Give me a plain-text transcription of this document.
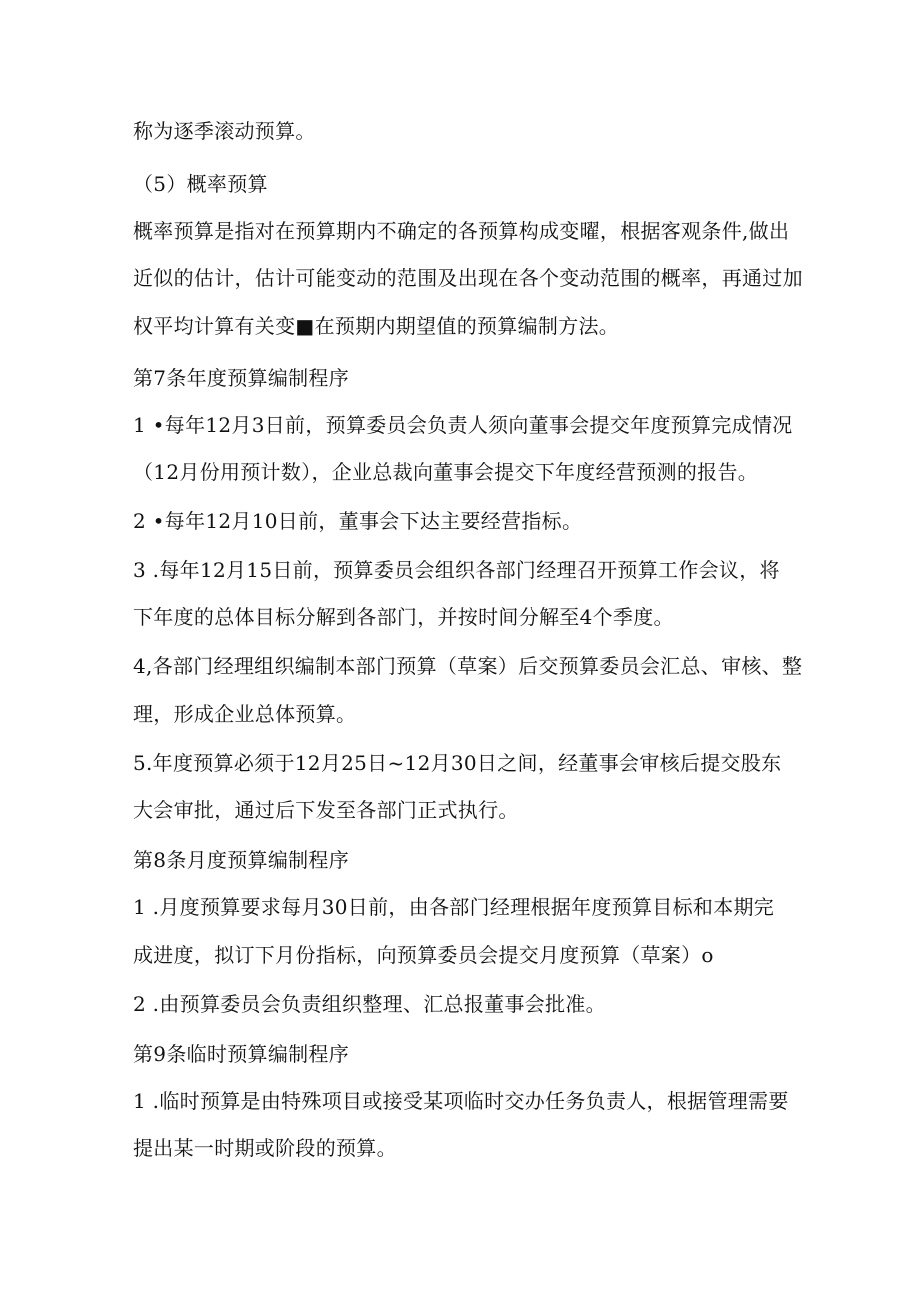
称为逐季滚动预算。

（5）概率预算

概率预算是指对在预算期内不确定的各预算构成变曜，根据客观条件,做出

近似的估计，估计可能变动的范围及出现在各个变动范围的概率，再通过加

权平均计算有关变■在预期内期望值的预算编制方法。

第7条年度预算编制程序

1 •每年12月3日前，预算委员会负责人须向董事会提交年度预算完成情况

（12月份用预计数），企业总裁向董事会提交下年度经营预测的报告。

2 •每年12月10日前，董事会下达主要经营指标。

3 .每年12月15日前，预算委员会组织各部门经理召开预算工作会议，将

下年度的总体目标分解到各部门，并按时间分解至4个季度。

4,各部门经理组织编制本部门预算（草案）后交预算委员会汇总、审核、整

理，形成企业总体预算。

5.年度预算必须于12月25日~12月30日之间，经董事会审核后提交股东

大会审批，通过后下发至各部门正式执行。

第8条月度预算编制程序

1 .月度预算要求每月30日前，由各部门经理根据年度预算目标和本期完

成进度，拟订下月份指标，向预算委员会提交月度预算（草案）o

2 .由预算委员会负责组织整理、汇总报董事会批准。

第9条临时预算编制程序

1 .临时预算是由特殊项目或接受某项临时交办任务负责人，根据管理需要

提出某一时期或阶段的预算。
